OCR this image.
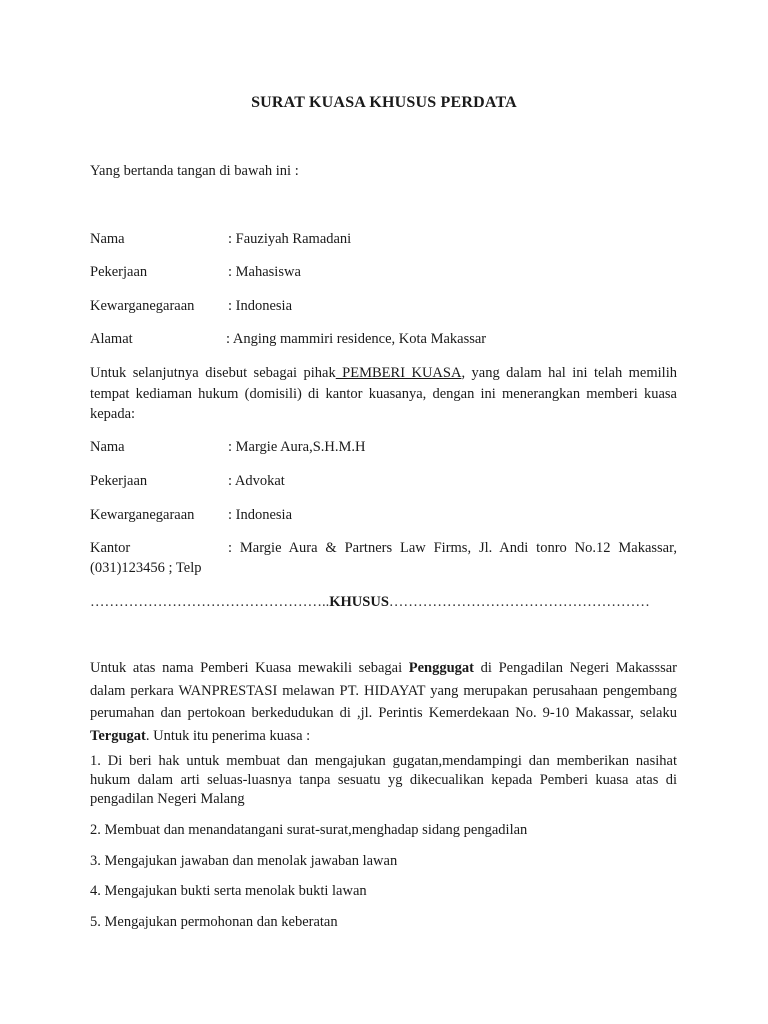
SURAT KUASA KHUSUS PERDATA
Yang bertanda tangan di bawah ini :
Nama	: Fauziyah Ramadani
Pekerjaan	: Mahasiswa
Kewarganegaraan : Indonesia
Alamat	: Anging mammiri residence, Kota Makassar
Untuk selanjutnya disebut sebagai pihak PEMBERI KUASA, yang dalam hal ini telah memilih tempat kediaman hukum (domisili) di kantor kuasanya, dengan ini menerangkan memberi kuasa kepada:
Nama	: Margie Aura,S.H.M.H
Pekerjaan	: Advokat
Kewarganegaraan : Indonesia
Kantor	: Margie Aura & Partners Law Firms, Jl. Andi tonro No.12 Makassar, (031)123456 ; Telp
…………………………………………..KHUSUS………………………………………………
Untuk atas nama Pemberi Kuasa mewakili sebagai Penggugat di Pengadilan Negeri Makasssar dalam perkara WANPRESTASI melawan PT. HIDAYAT yang merupakan perusahaan pengembang perumahan dan pertokoan berkedudukan di ,jl. Perintis Kemerdekaan No. 9-10 Makassar, selaku Tergugat. Untuk itu penerima kuasa :
1. Di beri hak untuk membuat dan mengajukan gugatan,mendampingi dan memberikan nasihat hukum dalam arti seluas-luasnya tanpa sesuatu yg dikecualikan kepada Pemberi kuasa atas di pengadilan Negeri Malang
2. Membuat dan menandatangani surat-surat,menghadap sidang pengadilan
3. Mengajukan jawaban dan menolak jawaban lawan
4. Mengajukan bukti serta menolak bukti lawan
5. Mengajukan permohonan dan keberatan
